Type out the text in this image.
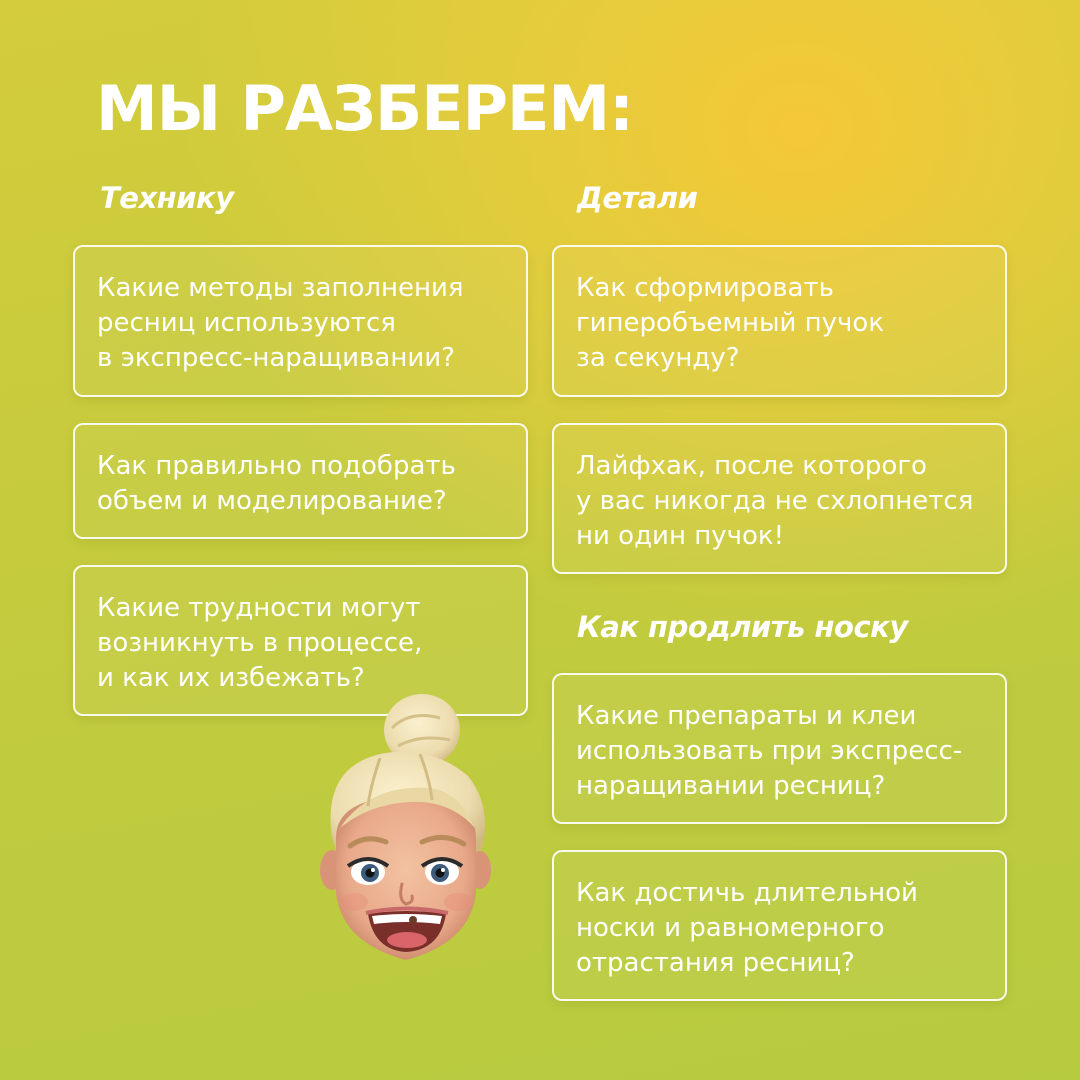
МЫ РАЗБЕРЕМ:
Технику
Какие методы заполнения
ресниц используются
в экспресс-наращивании?
Как правильно подобрать
объем и моделирование?
Какие трудности могут
возникнуть в процессе,
и как их избежать?
Детали
Как сформировать
гиперобъемный пучок
за секунду?
Лайфхак, после которого
у вас никогда не схлопнется
ни один пучок!
Как продлить носку
Какие препараты и клеи
использовать при экспресс-
наращивании ресниц?
Как достичь длительной
носки и равномерного
отрастания ресниц?
